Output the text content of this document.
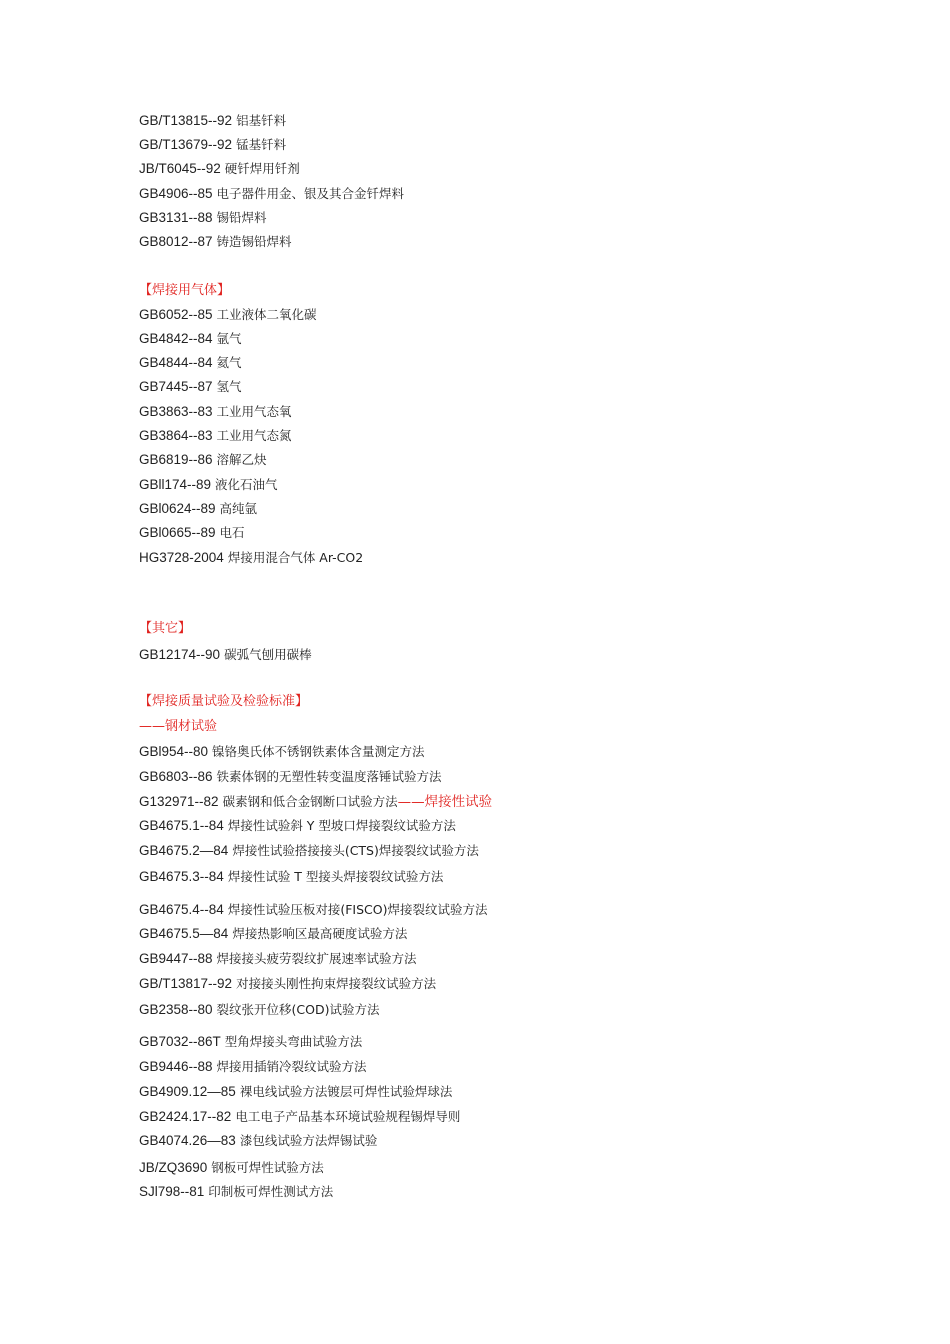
GB/T13815--92 铝基钎料
GB/T13679--92 锰基钎料
JB/T6045--92 硬钎焊用钎剂
GB4906--85 电子器件用金、银及其合金钎焊料
GB3131--88 锡铅焊料
GB8012--87 铸造锡铅焊料
【焊接用气体】
GB6052--85 工业液体二氧化碳
GB4842--84 氩气
GB4844--84 氦气
GB7445--87 氢气
GB3863--83 工业用气态氧
GB3864--83 工业用气态氮
GB6819--86 溶解乙炔
GBll174--89 液化石油气
GBl0624--89 高纯氩
GBl0665--89 电石
HG3728-2004 焊接用混合气体 Ar-CO2
【其它】
GB12174--90 碳弧气刨用碳棒
【焊接质量试验及检验标准】
——钢材试验
GBl954--80 镍铬奥氏体不锈钢铁素体含量测定方法
GB6803--86 铁素体钢的无塑性转变温度落锤试验方法
G132971--82 碳素钢和低合金钢断口试验方法——焊接性试验
GB4675.1--84 焊接性试验斜 Y 型坡口焊接裂纹试验方法
GB4675.2—84 焊接性试验搭接接头(CTS)焊接裂纹试验方法
GB4675.3--84 焊接性试验 T 型接头焊接裂纹试验方法
GB4675.4--84 焊接性试验压板对接(FISCO)焊接裂纹试验方法
GB4675.5—84 焊接热影响区最高硬度试验方法
GB9447--88 焊接接头疲劳裂纹扩展速率试验方法
GB/T13817--92 对接接头刚性拘束焊接裂纹试验方法
GB2358--80 裂纹张开位移(COD)试验方法
GB7032--86T 型角焊接头弯曲试验方法
GB9446--88 焊接用插销冷裂纹试验方法
GB4909.12—85 裸电线试验方法镀层可焊性试验焊球法
GB2424.17--82 电工电子产品基本环境试验规程锡焊导则
GB4074.26—83 漆包线试验方法焊锡试验
JB/ZQ3690 钢板可焊性试验方法
SJl798--81 印制板可焊性测试方法
